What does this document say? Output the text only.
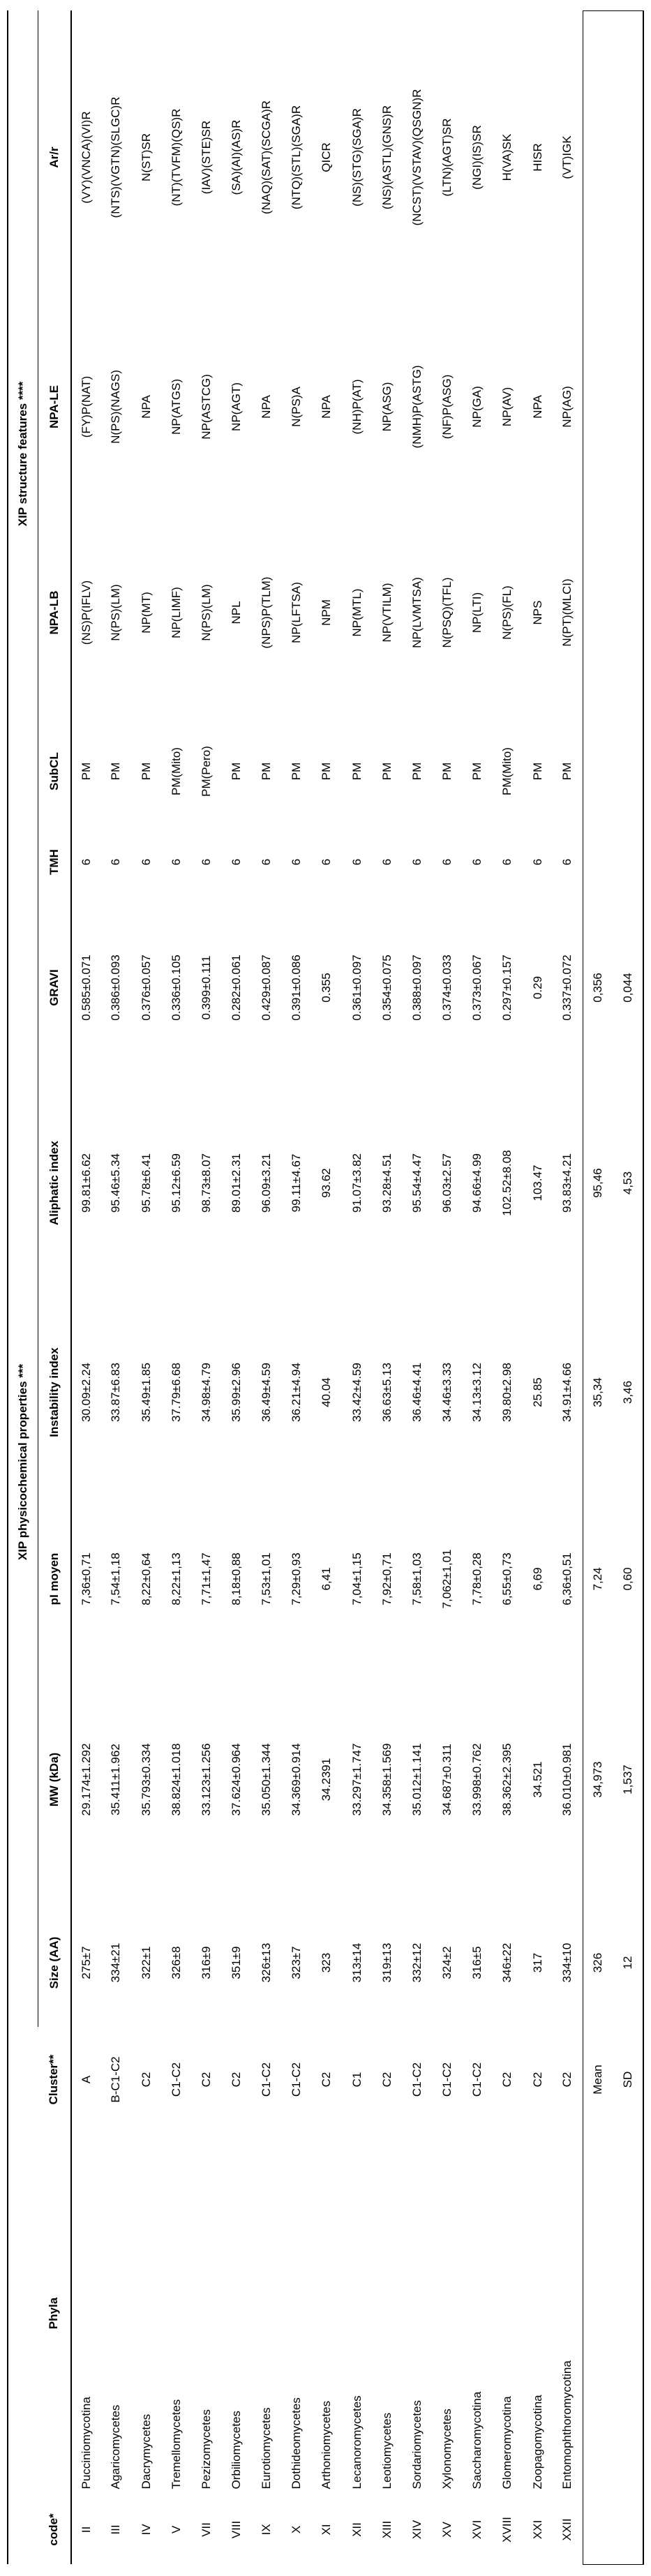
			XIP physicochemical properties ***						XIP structure features ****				
code*	Phyla	Cluster**	Size (AA)	MW (kDa)	pI moyen	Instability index	Aliphatic index	GRAVI	TMH	SubCL	NPA-LB	NPA-LE	Ar/r
II	Pucciniomycotina	A	275±7	29.174±1.292	7,36±0,71	30.09±2.24	99.81±6.62	0.585±0.071	6	PM	(NS)P(IFLV)	(FY)P(NAT)	(VY)(VNCA)(VI)R
III	Agaricomycetes	B-C1-C2	334±21	35.411±1.962	7,54±1,18	33.87±6.83	95.46±5.34	0.386±0.093	6	PM	N(PS)(LM)	N(PS)(NAGS)	(NTS)(VGTN)(SLGC)R
IV	Dacrymycetes	C2	322±1	35.793±0.334	8,22±0,64	35.49±1.85	95.78±6.41	0.376±0.057	6	PM	NP(MT)	NPA	N(ST)SR
V	Tremellomycetes	C1-C2	326±8	38.824±1.018	8,22±1,13	37.79±6.68	95.12±6.59	0.336±0.105	6	PM(Mito)	NP(LIMF)	NP(ATGS)	(NT)(TVFM)(QS)R
VII	Pezizomycetes	C2	316±9	33.123±1.256	7,71±1,47	34.98±4.79	98.73±8.07	0.399±0.111	6	PM(Pero)	N(PS)(LM)	NP(ASTCG)	(IAV)(STE)SR
VIII	Orbiliomycetes	C2	351±9	37.624±0.964	8,18±0,88	35.99±2.96	89.01±2.31	0.282±0.061	6	PM	NPL	NP(AGT)	(SA)(AI)(AS)R
IX	Eurotiomycetes	C1-C2	326±13	35.050±1.344	7,53±1,01	36.49±4.59	96.09±3.21	0.429±0.087	6	PM	(NPS)P(TLM)	NPA	(NAQ)(SAT)(SCGA)R
X	Dothideomycetes	C1-C2	323±7	34.369±0.914	7,29±0,93	36.21±4.94	99.11±4.67	0.391±0.086	6	PM	NP(LFTSA)	N(PS)A	(NTQ)(STL)(SGA)R
XI	Arthoniomycetes	C2	323	34.2391	6,41	40.04	93.62	0.355	6	PM	NPM	NPA	QICR
XII	Lecanoromycetes	C1	313±14	33.297±1.747	7,04±1,15	33.42±4.59	91.07±3.82	0.361±0.097	6	PM	NP(MTL)	(NH)P(AT)	(NS)(STG)(SGA)R
XIII	Leotiomycetes	C2	319±13	34.358±1.569	7,92±0,71	36.63±5.13	93.28±4.51	0.354±0.075	6	PM	NP(VTILM)	NP(ASG)	(NS)(ASTL)(GNS)R
XIV	Sordariomycetes	C1-C2	332±12	35.012±1.141	7,58±1,03	36.46±4.41	95.54±4.47	0.388±0.097	6	PM	NP(LVMTSA)	(NMH)P(ASTG)	(NCST)(VSTAV)(QSGN)R
XV	Xylonomycetes	C1-C2	324±2	34.687±0.311	7,062±1,01	34.46±3.33	96.03±2.57	0.374±0.033	6	PM	N(PSQ)(TFL)	(NF)P(ASG)	(LTN)(AGT)SR
XVI	Saccharomycotina	C1-C2	316±5	33.998±0.762	7,78±0,28	34.13±3.12	94.66±4.99	0.373±0.067	6	PM	NP(LTI)	NP(GA)	(NGI)(IS)SR
XVIII	Glomeromycotina	C2	346±22	38.362±2.395	6,55±0,73	39.80±2.98	102.52±8.08	0.297±0.157	6	PM(Mito)	N(PS)(FL)	NP(AV)	H(VA)SK
XXI	Zoopagomycotina	C2	317	34.521	6,69	25.85	103.47	0.29	6	PM	NPS	NPA	HISR
XXII	Entomophthoromycotina	C2	334±10	36.010±0.981	6,36±0,51	34.91±4.66	93.83±4.21	0.337±0.072	6	PM	N(PT)(MLCI)	NP(AG)	(VT)IGK
		Mean	326	34,973	7,24	35,34	95,46	0,356					
		SD	12	1,537	0,60	3,46	4,53	0,044					
